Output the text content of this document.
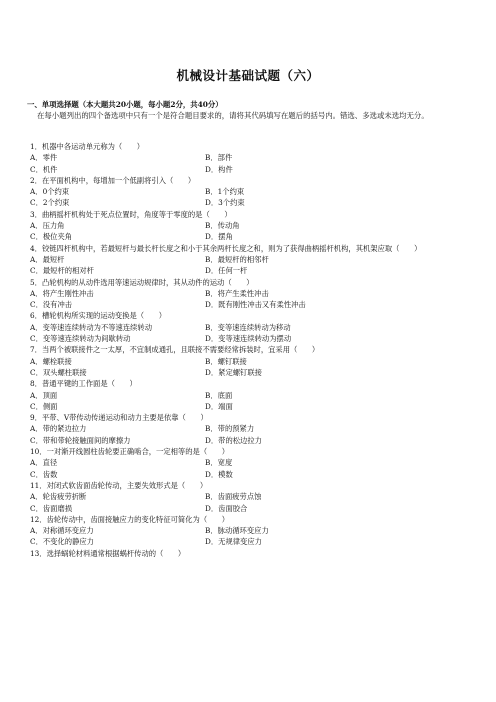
机械设计基础试题（六）
一、单项选择题（本大题共20小题，每小题2分，共40分）
在每小题列出的四个备选项中只有一个是符合题目要求的，请将其代码填写在题后的括号内。错选、多选或未选均无分。
1．机器中各运动单元称为（　　）
A．零件	B．部件
C．机件	D．构件
2．在平面机构中，每增加一个低副将引入（　　）
A．0个约束	B．1个约束
C．2个约束	D．3个约束
3．曲柄摇杆机构处于死点位置时，角度等于零度的是（　　）
A．压力角	B．传动角
C．极位夹角	D．摆角
4．铰链四杆机构中，若最短杆与最长杆长度之和小于其余两杆长度之和，则为了获得曲柄摇杆机构，其机架应取（　　）
A．最短杆	B．最短杆的相邻杆
C．最短杆的相对杆	D．任何一杆
5．凸轮机构的从动件选用等速运动规律时，其从动件的运动（　　）
A．将产生刚性冲击	B．将产生柔性冲击
C．没有冲击	D．既有刚性冲击又有柔性冲击
6．槽轮机构所实现的运动变换是（　　）
A．变等速连续转动为不等速连续转动	B．变等速连续转动为移动
C．变等速连续转动为间歇转动	D．变等速连续转动为摆动
7．当两个被联接件之一太厚，不宜制成通孔，且联接不需要经常拆装时，宜采用（　　）
A．螺栓联接	B．螺钉联接
C．双头螺柱联接	D．紧定螺钉联接
8．普通平键的工作面是（　　）
A．顶面	B．底面
C．侧面	D．端面
9．平带、V带传动传递运动和动力主要是依靠（　　）
A．带的紧边拉力	B．带的预紧力
C．带和带轮接触面间的摩擦力	D．带的松边拉力
10．一对渐开线圆柱齿轮要正确啮合，一定相等的是（　　）
A．直径	B．宽度
C．齿数	D．模数
11．对闭式软齿面齿轮传动，主要失效形式是（　　）
A．轮齿疲劳折断	B．齿面疲劳点蚀
C．齿面磨损	D．齿面胶合
12．齿轮传动中，齿面接触应力的变化特征可简化为（　　）
A．对称循环变应力	B．脉动循环变应力
C．不变化的静应力	D．无规律变应力
13．选择蜗轮材料通常根据蜗杆传动的（　　）
